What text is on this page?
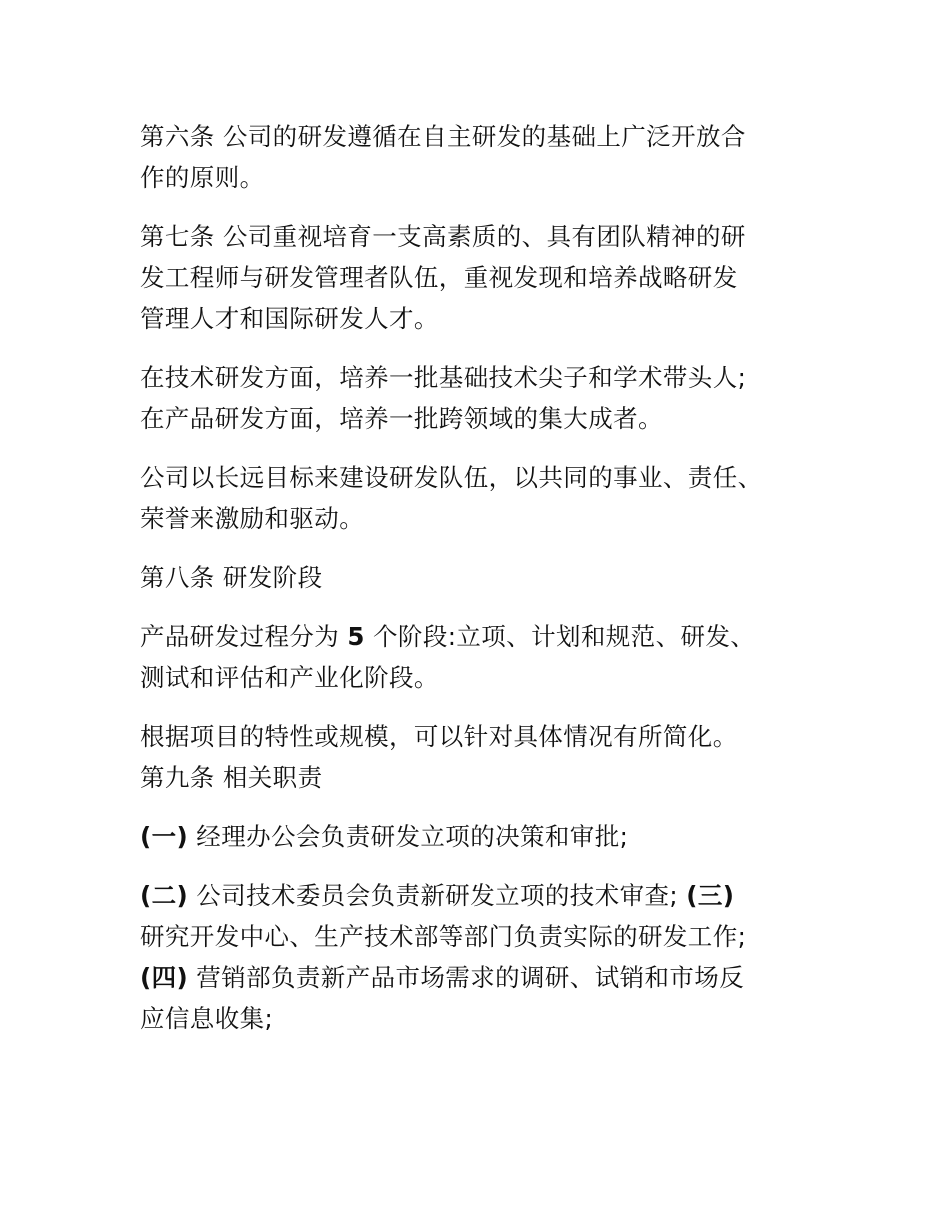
第六条 公司的研发遵循在自主研发的基础上广泛开放合
作的原则。

第七条 公司重视培育一支高素质的、具有团队精神的研
发工程师与研发管理者队伍，重视发现和培养战略研发
管理人才和国际研发人才。

在技术研发方面，培养一批基础技术尖子和学术带头人;
在产品研发方面，培养一批跨领域的集大成者。

公司以长远目标来建设研发队伍，以共同的事业、责任、
荣誉来激励和驱动。

第八条 研发阶段

产品研发过程分为 5 个阶段:立项、计划和规范、研发、
测试和评估和产业化阶段。

根据项目的特性或规模，可以针对具体情况有所简化。
第九条 相关职责

(一) 经理办公会负责研发立项的决策和审批;

(二) 公司技术委员会负责新研发立项的技术审查; (三)
研究开发中心、生产技术部等部门负责实际的研发工作;
(四) 营销部负责新产品市场需求的调研、试销和市场反
应信息收集;
